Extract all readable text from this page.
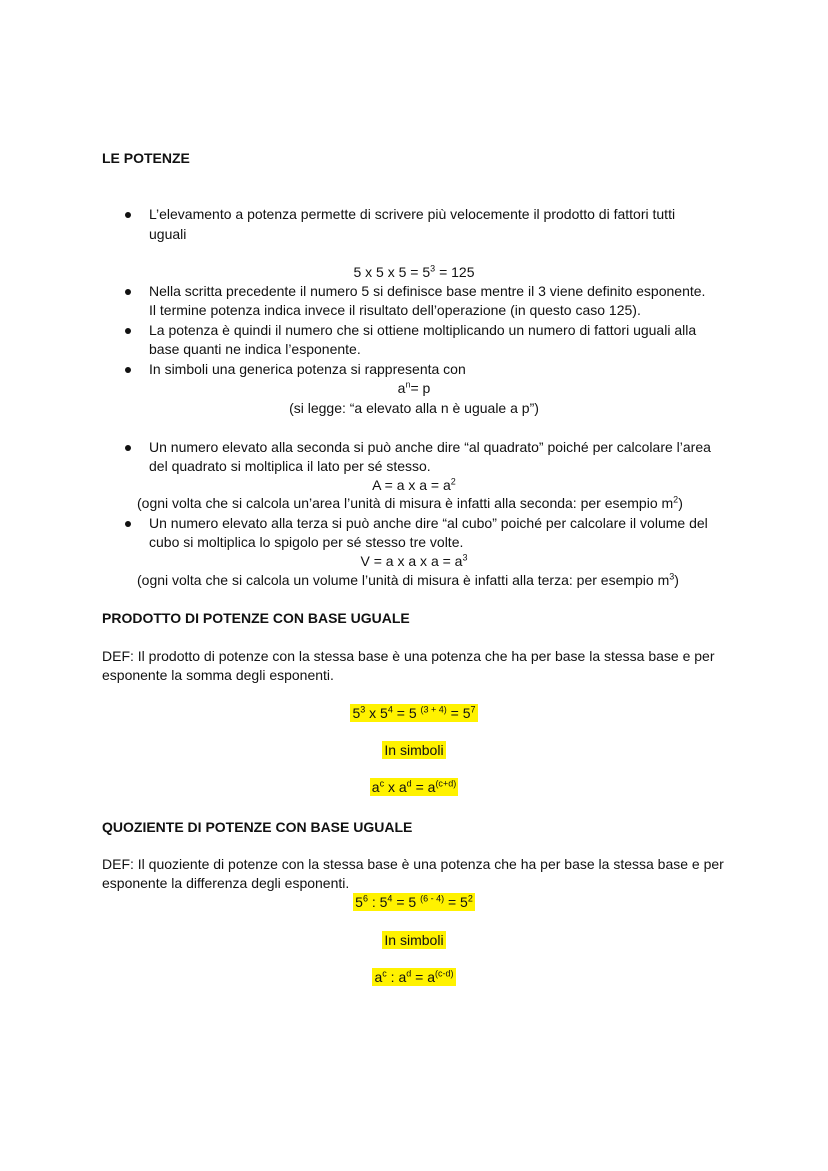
LE POTENZE
L’elevamento a potenza permette di scrivere più velocemente il prodotto di fattori tutti
uguali
5 x 5 x $5 = 5^3 = 125$
Nella scritta precedente il numero 5 si definisce base mentre il 3 viene definito esponente.
Il termine potenza indica invece il risultato dell’operazione (in questo caso 125).
La potenza è quindi il numero che si ottiene moltiplicando un numero di fattori uguali alla
base quanti ne indica l’esponente.
In simboli una generica potenza si rappresenta con
$a^n= p$
(si legge: “a elevato alla n è uguale a p”)
Un numero elevato alla seconda si può anche dire “al quadrato” poiché per calcolare l’area
del quadrato si moltiplica il lato per sé stesso.
A = a x $a = a^2$
(ogni volta che si calcola un’area l’unità di misura è infatti alla seconda: per esempio $m^2$)
Un numero elevato alla terza si può anche dire “al cubo” poiché per calcolare il volume del
cubo si moltiplica lo spigolo per sé stesso tre volte.
V = a x a x $a = a^3$
(ogni volta che si calcola un volume l’unità di misura è infatti alla terza: per esempio $m^3$)
PRODOTTO DI POTENZE CON BASE UGUALE
DEF: Il prodotto di potenze con la stessa base è una potenza che ha per base la stessa base e per
esponente la somma degli esponenti.
$5^3$ x $5^4 = 5$ $^{(3 + 4)} = 5^7$
In simboli
$a^c$ x $a^d = a^{(c+d)}$
QUOZIENTE DI POTENZE CON BASE UGUALE
DEF: Il quoziente di potenze con la stessa base è una potenza che ha per base la stessa base e per
esponente la differenza degli esponenti.
$5^6$ : $5^4 = 5$ $^{(6 - 4)} = 5^2$
In simboli
$a^c$ : $a^d = a^{(c-d)}$
